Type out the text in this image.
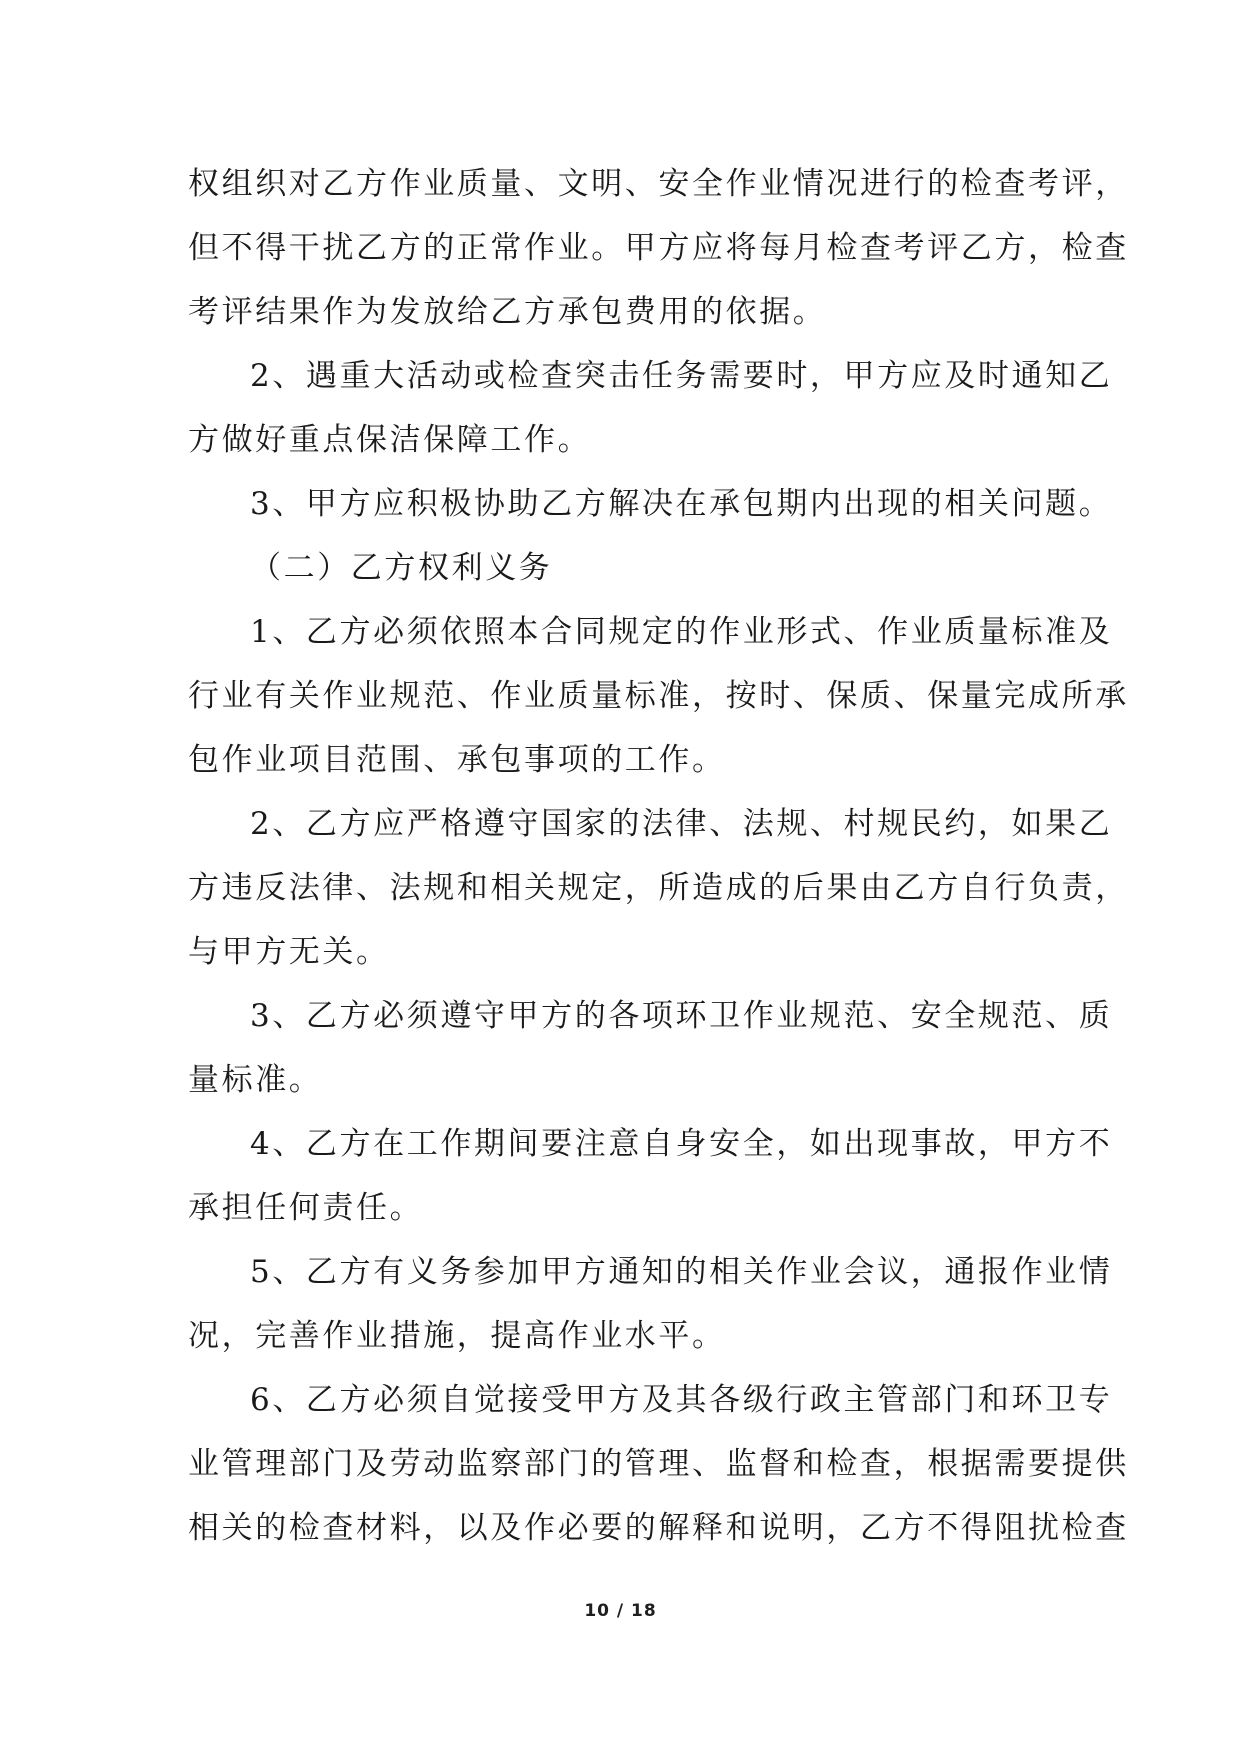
权组织对乙方作业质量、文明、安全作业情况进行的检查考评，
但不得干扰乙方的正常作业。甲方应将每月检查考评乙方，检查
考评结果作为发放给乙方承包费用的依据。
2、遇重大活动或检查突击任务需要时，甲方应及时通知乙
方做好重点保洁保障工作。
3、甲方应积极协助乙方解决在承包期内出现的相关问题。
（二）乙方权利义务
1、乙方必须依照本合同规定的作业形式、作业质量标准及
行业有关作业规范、作业质量标准，按时、保质、保量完成所承
包作业项目范围、承包事项的工作。
2、乙方应严格遵守国家的法律、法规、村规民约，如果乙
方违反法律、法规和相关规定，所造成的后果由乙方自行负责，
与甲方无关。
3、乙方必须遵守甲方的各项环卫作业规范、安全规范、质
量标准。
4、乙方在工作期间要注意自身安全，如出现事故，甲方不
承担任何责任。
5、乙方有义务参加甲方通知的相关作业会议，通报作业情
况，完善作业措施，提高作业水平。
6、乙方必须自觉接受甲方及其各级行政主管部门和环卫专
业管理部门及劳动监察部门的管理、监督和检查，根据需要提供
相关的检查材料，以及作必要的解释和说明，乙方不得阻扰检查
10 / 18
